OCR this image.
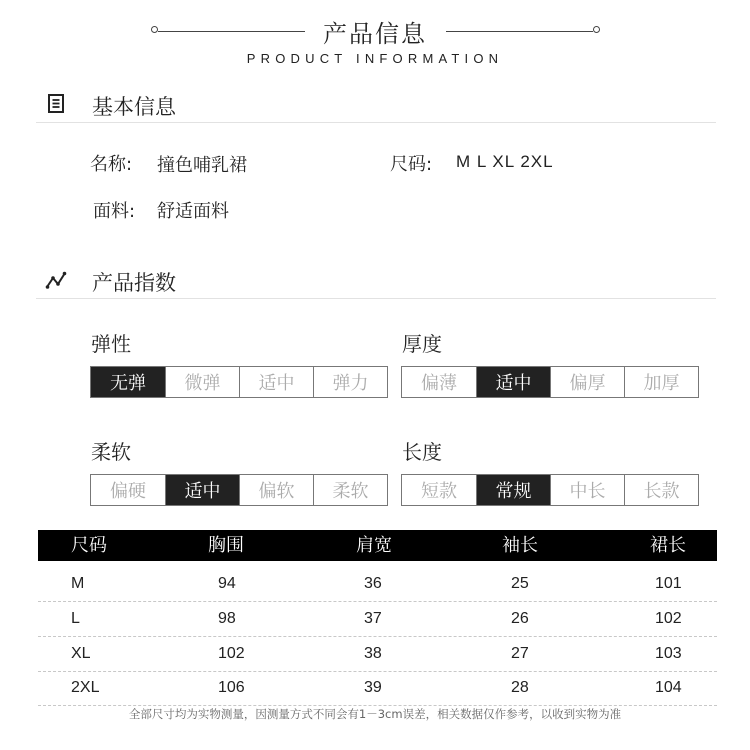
产品信息
PRODUCT INFORMATION
基本信息
名称: 撞色哺乳裙	尺码: M L XL 2XL
面料: 舒适面料
产品指数
弹性
无弹	微弹	适中	弹力
厚度
偏薄	适中	偏厚	加厚
柔软
偏硬	适中	偏软	柔软
长度
短款	常规	中长	长款
尺码	胸围	肩宽	袖长	裙长
M	94	36	25	101
L	98	37	26	102
XL	102	38	27	103
2XL	106	39	28	104
全部尺寸均为实物测量，因测量方式不同会有1－3cm误差，相关数据仅作参考，以收到实物为准
